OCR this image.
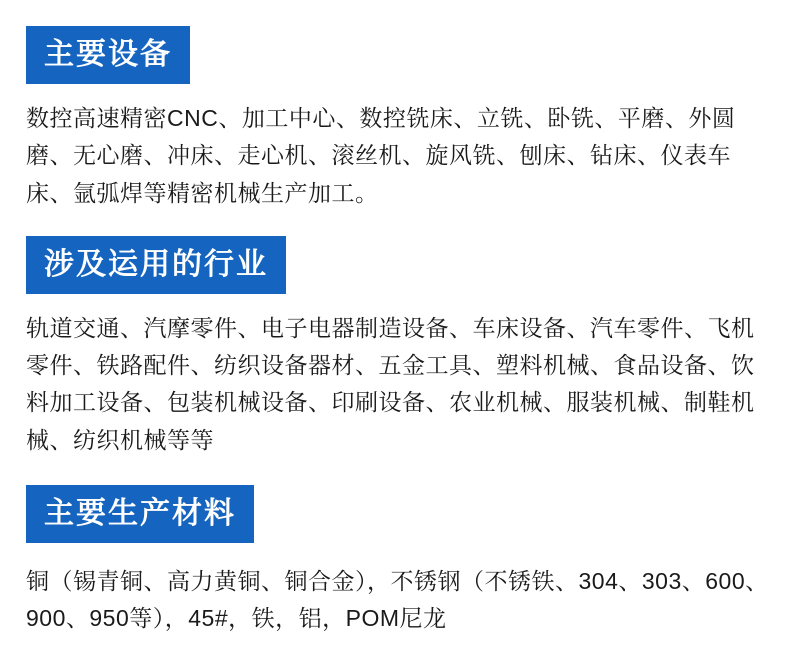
主要设备

数控高速精密CNC、加工中心、数控铣床、立铣、卧铣、平磨、外圆磨、无心磨、冲床、走心机、滚丝机、旋风铣、刨床、钻床、仪表车床、氩弧焊等精密机械生产加工。

涉及运用的行业

轨道交通、汽摩零件、电子电器制造设备、车床设备、汽车零件、飞机零件、铁路配件、纺织设备器材、五金工具、塑料机械、食品设备、饮料加工设备、包装机械设备、印刷设备、农业机械、服装机械、制鞋机械、纺织机械等等

主要生产材料

铜（锡青铜、高力黄铜、铜合金），不锈钢（不锈铁、304、303、600、900、950等），45#，铁，铝，POM尼龙
